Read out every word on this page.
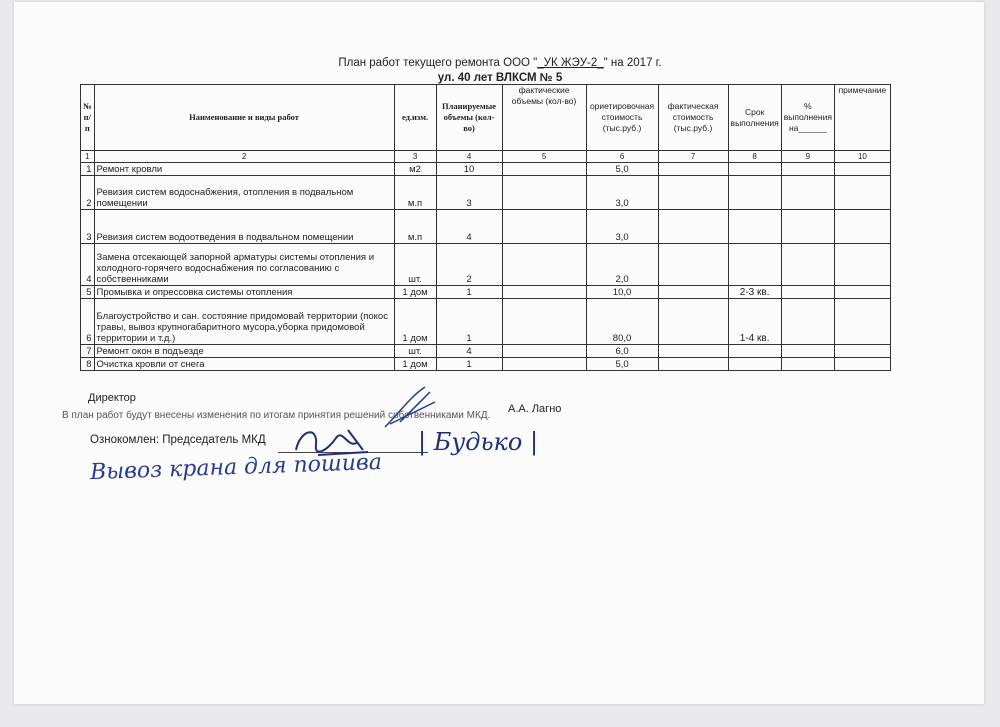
План работ текущего ремонта ООО "_УК ЖЭУ-2_" на 2017 г.
ул. 40 лет ВЛКСМ № 5
№ п/п	Наименование и виды работ	ед.изм.	Планируемые объемы (кол-во)	фактические объемы (кол-во)	ориетировочная стоимость (тыс.руб.)	фактическая стоимость (тыс.руб.)	Срок выполнения	% выполнения на______	примечание
1	2	3	4	5	6	7	8	9	10
1	Ремонт кровли	м2	10		5,0				
2	Ревизия систем водоснабжения, отопления в подвальном помещении	м.п	3		3,0				
3	Ревизия систем водоотведения в подвальном помещении	м.п	4		3,0				
4	Замена отсекающей запорной арматуры системы отопления и холодного-горячего водоснабжения по согласованию с собственниками	шт.	2		2,0				
5	Промывка и опрессовка системы отопления	1 дом	1		10,0		2-3 кв.		
6	Благоустройство и сан. состояние придомовай территории (покос травы, вывоз крупногабаритного мусора,уборка придомовой территории и т.д.)	1 дом	1		80,0		1-4 кв.		
7	Ремонт окон в подъезде	шт.	4		6,0				
8	Очистка кровли от снега	1 дом	1		5,0				
Директор
А.А. Лагно
В план работ будут внесены изменения по итогам принятия решений собственниками МКД.
Ознокомлен: Председатель МКД	| Будько |
Вывоз крана для пошива
